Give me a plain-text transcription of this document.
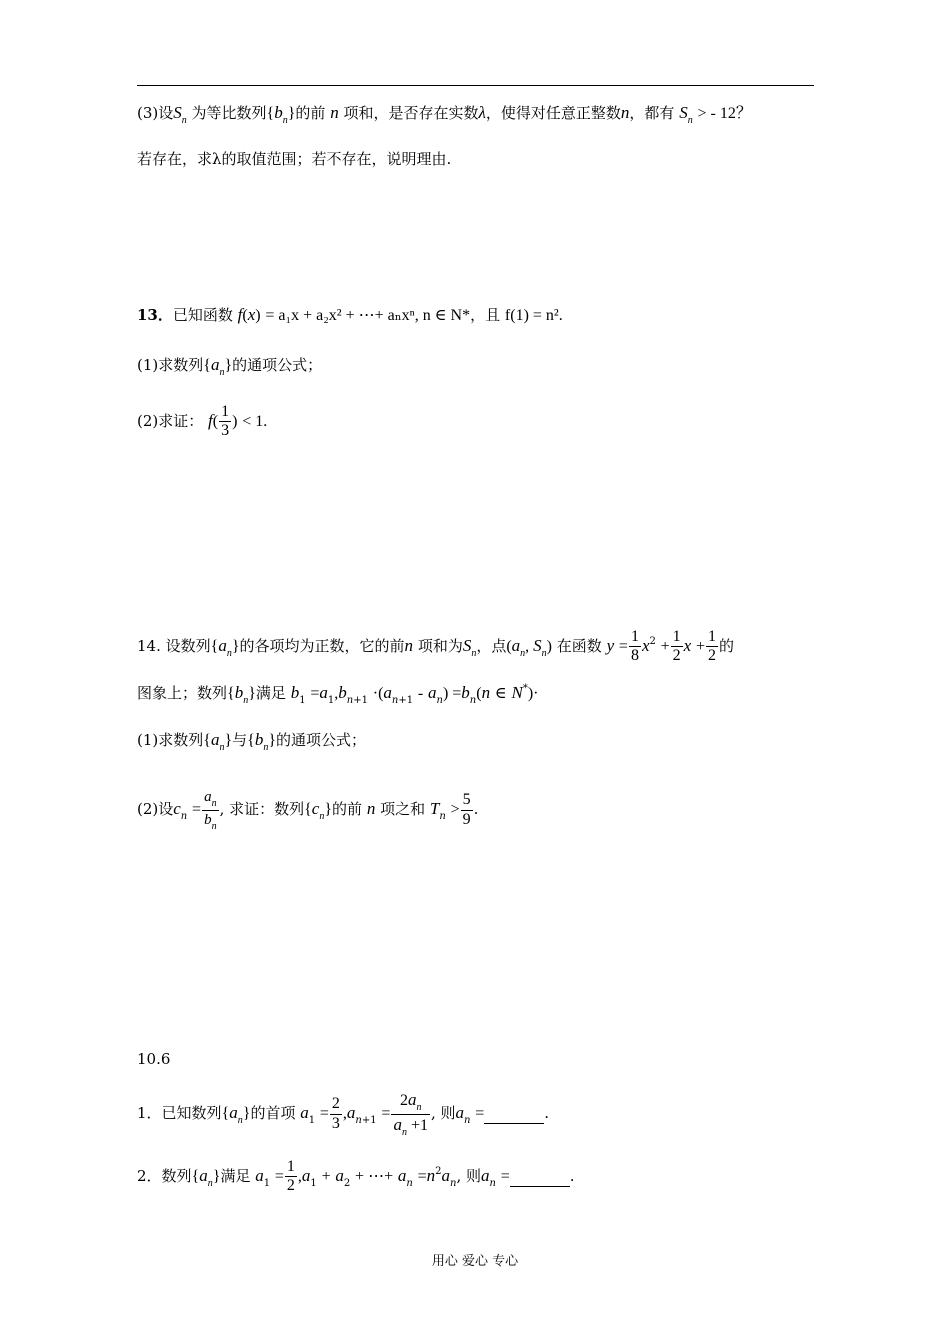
(3)设$S_n$ 为等比数列$\{b_n\}$的前 n 项和，是否存在实数λ，使得对任意正整数n，都有 $S_n$ > - 12？
若存在，求λ的取值范围；若不存在，说明理由.
13．已知函数 f(x) = a₁x + a₂x² + ⋯+ aₙxⁿ, n ∈ N*，且 f(1) = n².
(1)求数列$\{a_n\}$的通项公式；
(2)求证： $f( \frac{1}{3}$ ) < 1.
14. 设数列$\{a_n\}$的各项均为正数，它的前n 项和为$S_n$，点($a_n$, $S_n$) 在函数 $y = \frac{1}{8} x^2 + \frac{1}{2}$ $x + \frac{1}{2}$ 的
图象上；数列$\{b_n\}$满足 $b_1 =a_1,b_{n+1} \cdot(a_{n+1} - a_n) =b_n(n$ ∈ N*)·
(1)求数列$\{a_n\}$与$\{b_n\}$的通项公式；
(2)设$c_n = \frac{a_n}{b_n}$ , 求证：数列$\{c_n\}$的前 n 项之和 $T_n > \frac{5}{9}$ .
10.6
1．已知数列$\{a_n\}$的首项 $a_1 = \frac{2}{3} ,a_{n+1} = \frac{2a_n}{a_n +1}$ , 则$a_n$ =	.
2．数列$\{a_n\}$满足 $a_1 = \frac{1}{2} ,a_1 + a_2$ + ⋯+ $a_n =n^2a_n$, 则$a_n$ =	.
用心 爱心 专心
